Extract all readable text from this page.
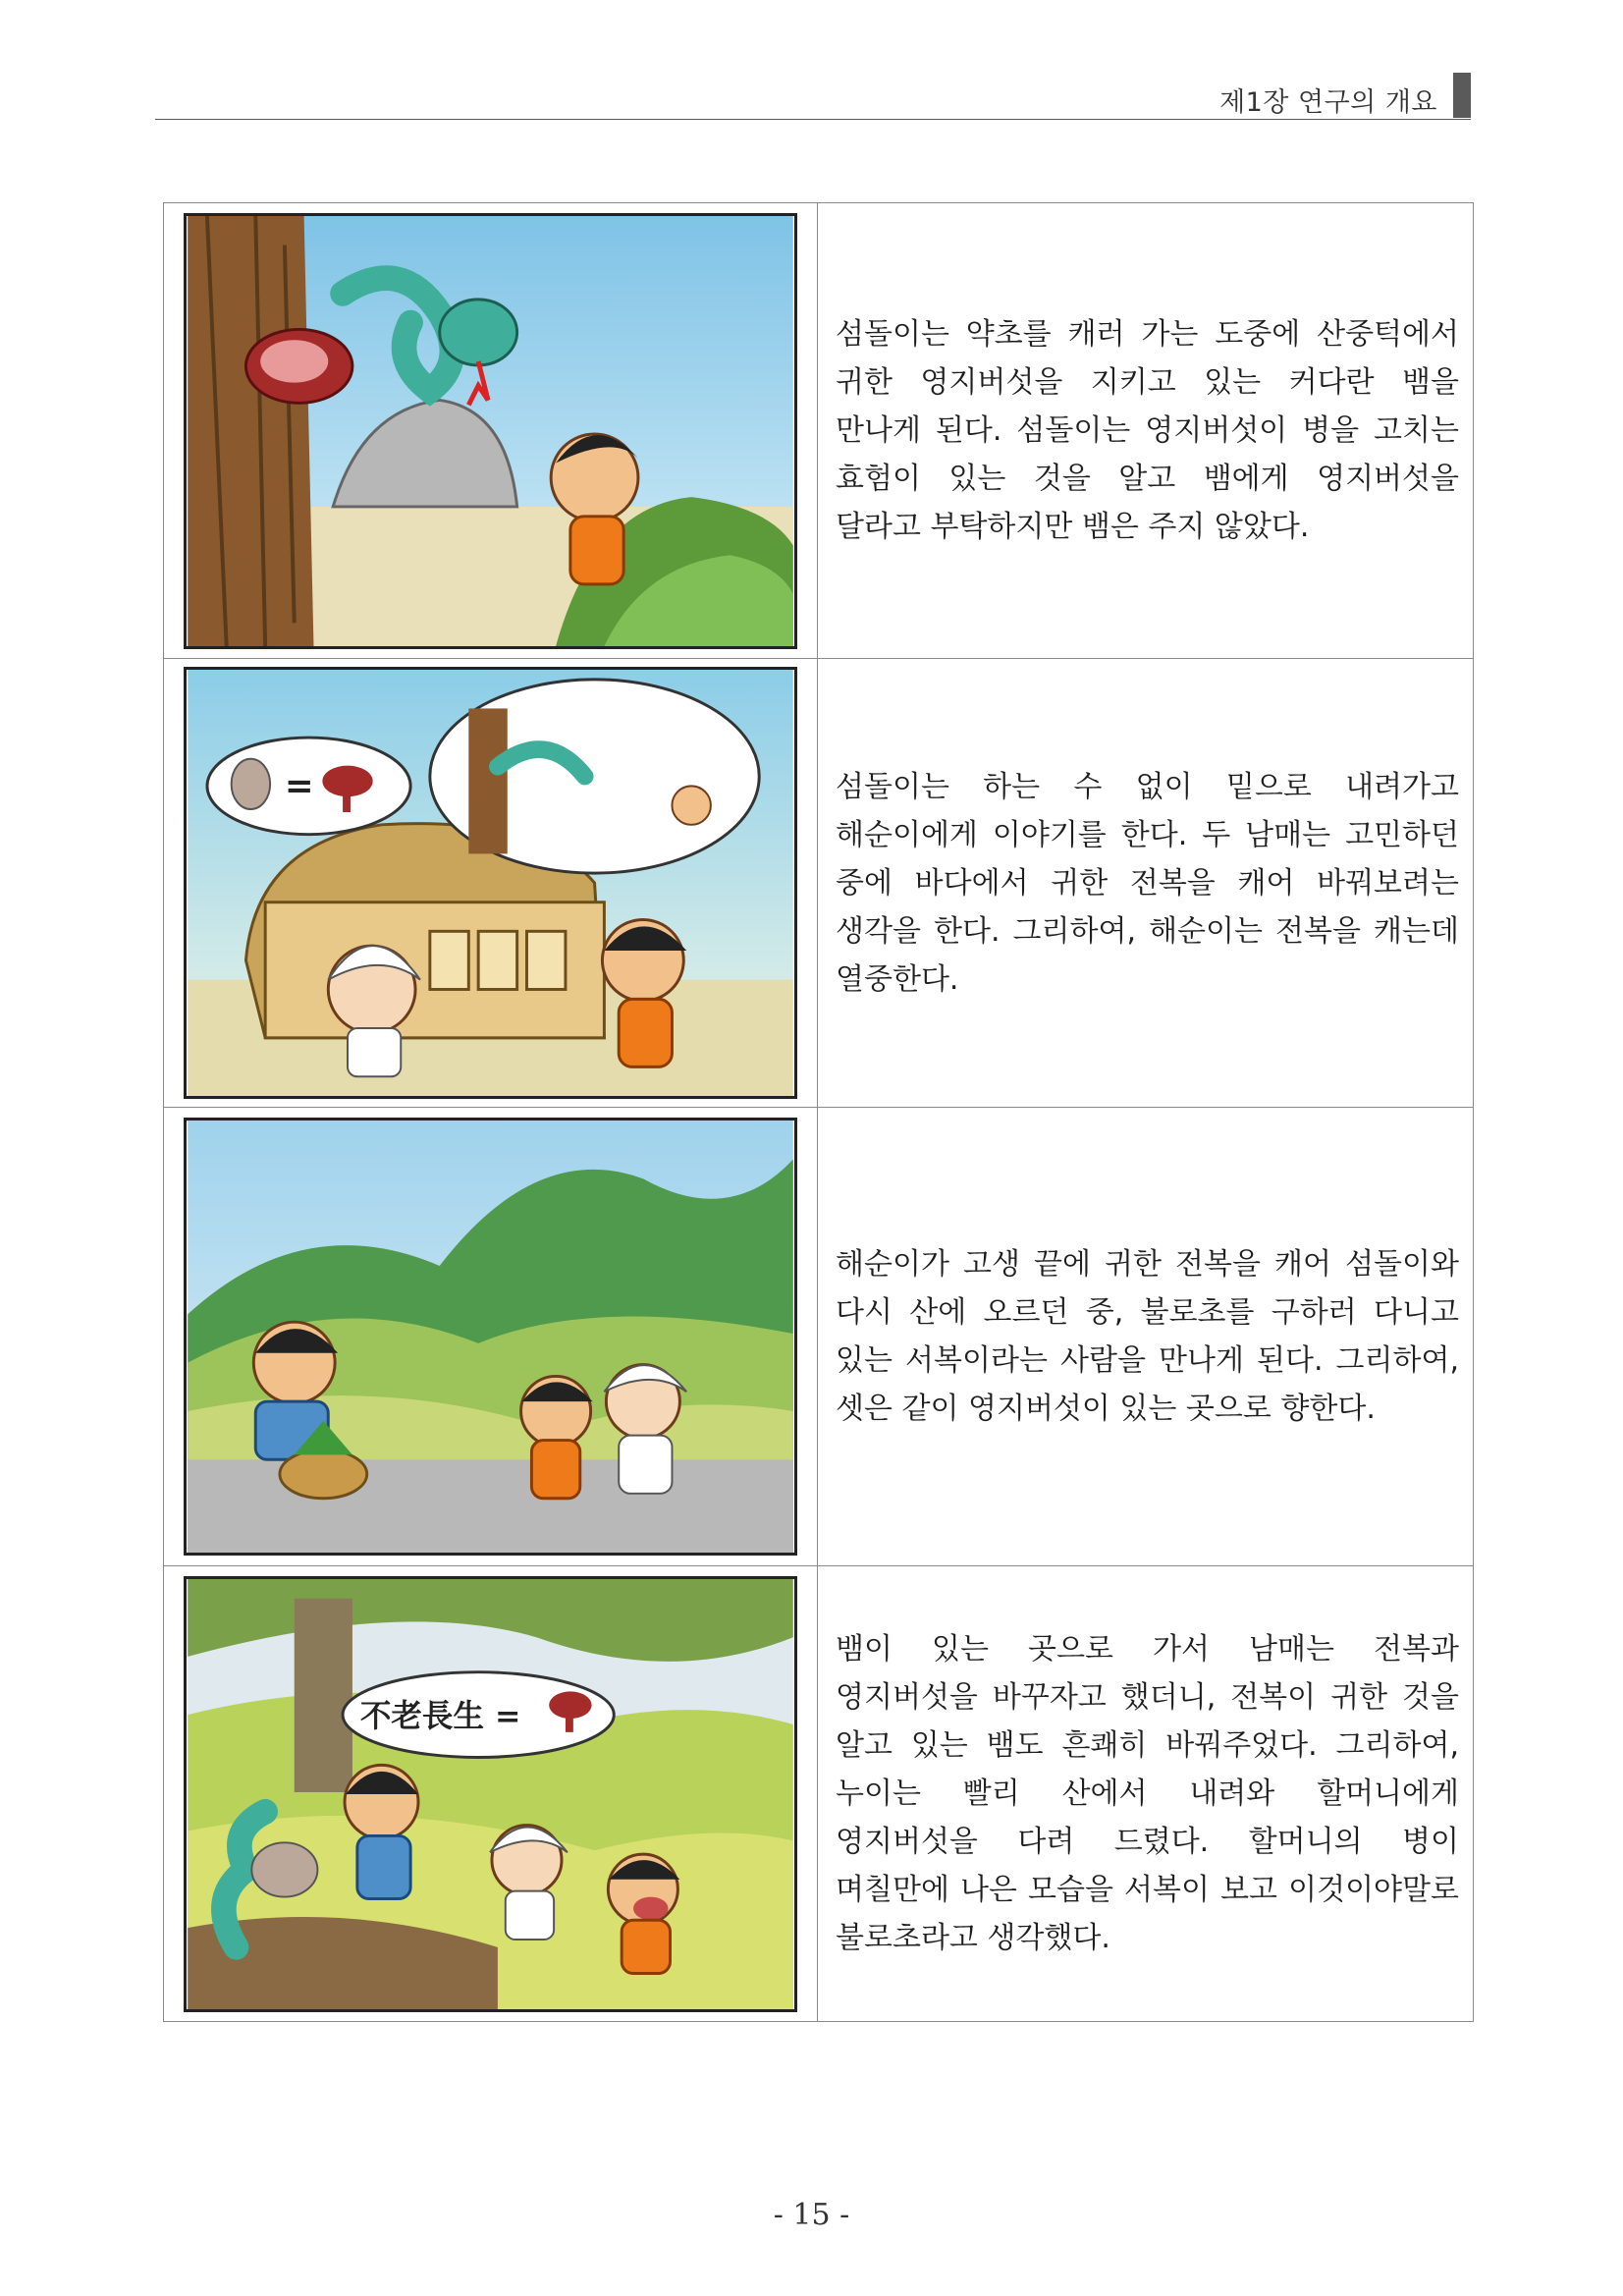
제1장 연구의 개요

섬돌이는 약초를 캐러 가는 도중에 산중턱에서 귀한 영지버섯을 지키고 있는 커다란 뱀을 만나게 된다. 섬돌이는 영지버섯이 병을 고치는 효험이 있는 것을 알고 뱀에게 영지버섯을 달라고 부탁하지만 뱀은 주지 않았다.

=	섬돌이는 하는 수 없이 밑으로 내려가고 해순이에게 이야기를 한다. 두 남매는 고민하던 중에 바다에서 귀한 전복을 캐어 바꿔보려는 생각을 한다. 그리하여, 해순이는 전복을 캐는데 열중한다.

해순이가 고생 끝에 귀한 전복을 캐어 섬돌이와 다시 산에 오르던 중, 불로초를 구하러 다니고 있는 서복이라는 사람을 만나게 된다. 그리하여, 셋은 같이 영지버섯이 있는 곳으로 향한다.

不老長生 =	뱀이 있는 곳으로 가서 남매는 전복과 영지버섯을 바꾸자고 했더니, 전복이 귀한 것을 알고 있는 뱀도 흔쾌히 바꿔주었다. 그리하여, 누이는 빨리 산에서 내려와 할머니에게 영지버섯을 다려 드렸다. 할머니의 병이 며칠만에 나은 모습을 서복이 보고 이것이야말로 불로초라고 생각했다.
- 15 -
